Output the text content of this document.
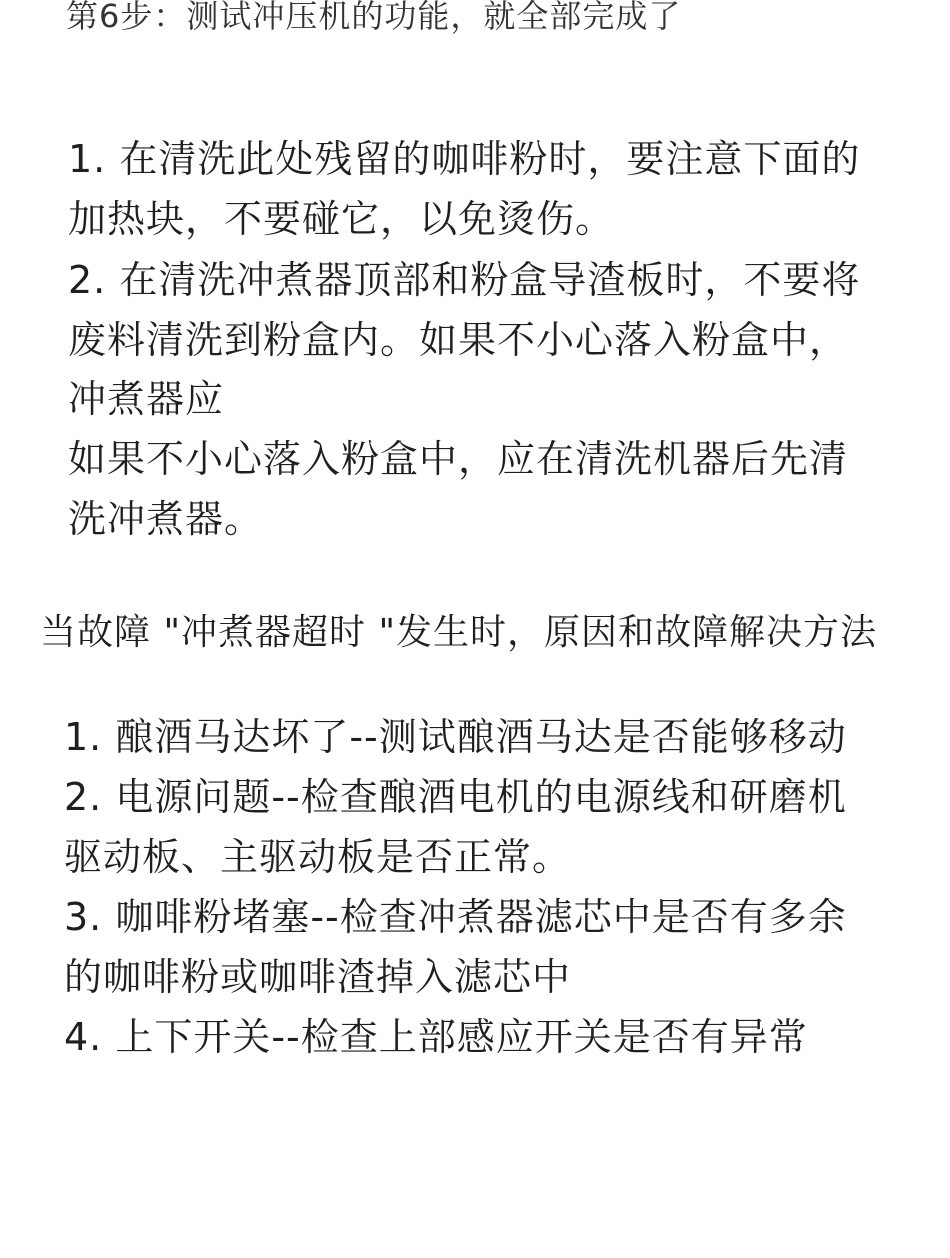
第6步：测试冲压机的功能，就全部完成了

1. 在清洗此处残留的咖啡粉时，要注意下面的

加热块，不要碰它，以免烫伤。

2. 在清洗冲煮器顶部和粉盒导渣板时，不要将

废料清洗到粉盒内。如果不小心落入粉盒中，

冲煮器应

如果不小心落入粉盒中，应在清洗机器后先清

洗冲煮器。

当故障 "冲煮器超时 "发生时，原因和故障解决方法

1. 酿酒马达坏了--测试酿酒马达是否能够移动

2. 电源问题--检查酿酒电机的电源线和研磨机

驱动板、主驱动板是否正常。

3. 咖啡粉堵塞--检查冲煮器滤芯中是否有多余

的咖啡粉或咖啡渣掉入滤芯中

4. 上下开关--检查上部感应开关是否有异常
